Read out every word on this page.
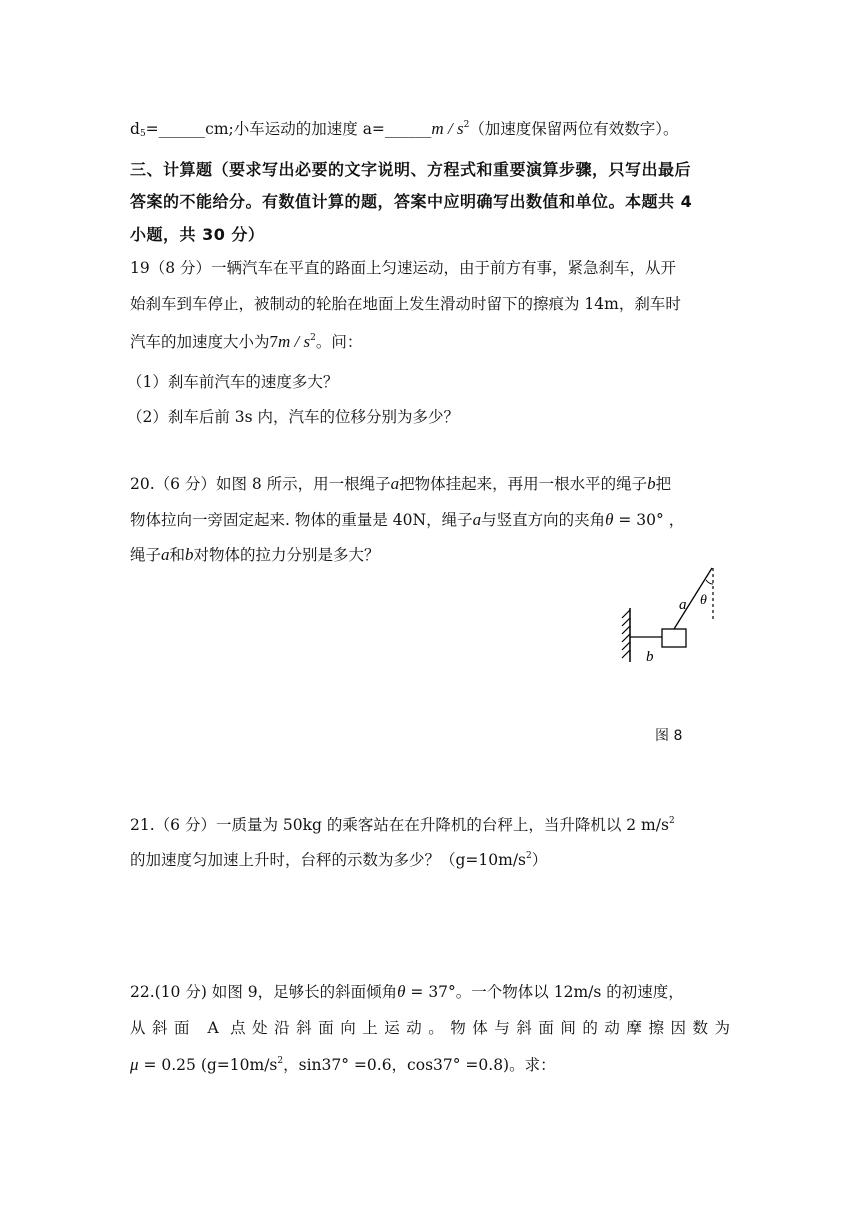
$d_5=\_\_\_\_\_\_cm$;小车运动的加速度 a=______m / $s^2$（加速度保留两位有效数字）。
三、计算题（要求写出必要的文字说明、方程式和重要演算步骤，只写出最后
答案的不能给分。有数值计算的题，答案中应明确写出数值和单位。本题共 4
小题，共 30 分）
19（8 分）一辆汽车在平直的路面上匀速运动，由于前方有事，紧急刹车，从开
始刹车到车停止，被制动的轮胎在地面上发生滑动时留下的擦痕为 14m，刹车时
汽车的加速度大小为$7m / s^2$。问：
（1）刹车前汽车的速度多大？
（2）刹车后前 3s 内，汽车的位移分别为多少？
20.（6 分）如图 8 所示，用一根绳子a把物体挂起来，再用一根水平的绳子b把
物体拉向一旁固定起来. 物体的重量是 40N，绳子a与竖直方向的夹角θ = 30° ，
绳子a和b对物体的拉力分别是多大？
a θ
b
图 8
21.（6 分）一质量为 50kg 的乘客站在在升降机的台秤上，当升降机以 2 $m/s^2$
的加速度匀加速上升时，台秤的示数为多少？$(g=10m/s^2)$
22.(10 分) 如图 9，足够长的斜面倾角θ = 37°。一个物体以 12m/s 的初速度，
从斜面 A 点处沿斜面向上运动。物体与斜面间的动摩擦因数为
μ = 0.25 ($g=10m/s^2$，sin37° =0.6，cos37° =0.8)。求：
